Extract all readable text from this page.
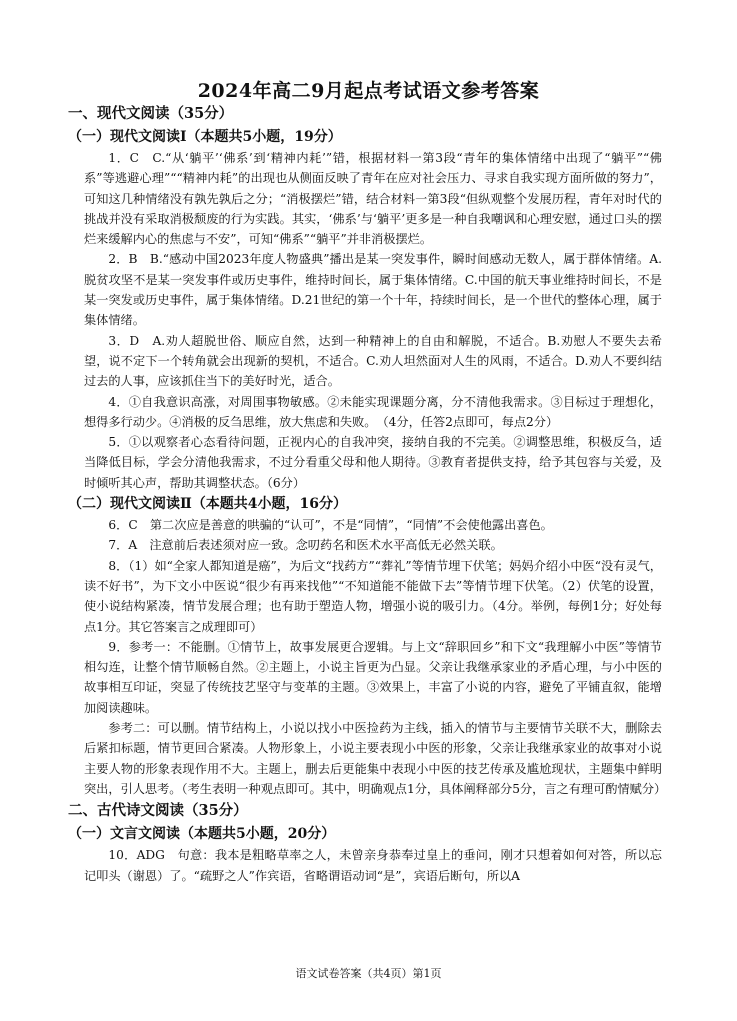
2024年高二9月起点考试语文参考答案
一、现代文阅读（35分）
（一）现代文阅读Ⅰ（本题共5小题，19分）
1．C　C.“从‘躺平’‘佛系’到‘精神内耗’”错，根据材料一第3段“青年的集体情绪中出现了“躺平”“佛系”等逃避心理”““精神内耗”的出现也从侧面反映了青年在应对社会压力、寻求自我实现方面所做的努力”，可知这几种情绪没有孰先孰后之分；“消极摆烂”错，结合材料一第3段“但纵观整个发展历程，青年对时代的挑战并没有采取消极颓废的行为实践。其实，‘佛系’与‘躺平’更多是一种自我嘲讽和心理安慰，通过口头的摆烂来缓解内心的焦虑与不安”，可知“佛系”“躺平”并非消极摆烂。
2．B　B.“感动中国2023年度人物盛典”播出是某一突发事件，瞬时间感动无数人，属于群体情绪。A.脱贫攻坚不是某一突发事件或历史事件，维持时间长，属于集体情绪。C.中国的航天事业维持时间长，不是某一突发或历史事件，属于集体情绪。D.21世纪的第一个十年，持续时间长，是一个世代的整体心理，属于集体情绪。
3．D　A.劝人超脱世俗、顺应自然，达到一种精神上的自由和解脱，不适合。B.劝慰人不要失去希望，说不定下一个转角就会出现新的契机，不适合。C.劝人坦然面对人生的风雨，不适合。D.劝人不要纠结过去的人事，应该抓住当下的美好时光，适合。
4．①自我意识高涨，对周围事物敏感。②未能实现课题分离，分不清他我需求。③目标过于理想化，想得多行动少。④消极的反刍思维，放大焦虑和失败。　（4分，任答2点即可，每点2分）
5．①以观察者心态看待问题，正视内心的自我冲突，接纳自我的不完美。②调整思维，积极反刍，适当降低目标，学会分清他我需求，不过分看重父母和他人期待。③教育者提供支持，给予其包容与关爱，及时倾听其心声，帮助其调整状态。（6分）
（二）现代文阅读Ⅱ（本题共4小题，16分）
6．C　第二次应是善意的哄骗的“认可”，不是“同情”，“同情”不会使他露出喜色。
7．A　注意前后表述须对应一致。念叨药名和医术水平高低无必然关联。
8．（1）如“全家人都知道是癌”，为后文“找药方”“葬礼”等情节埋下伏笔；妈妈介绍小中医“没有灵气，读不好书”，为下文小中医说“很少有再来找他”“不知道能不能做下去”等情节埋下伏笔。（2）伏笔的设置，使小说结构紧凑，情节发展合理；也有助于塑造人物，增强小说的吸引力。（4分。举例，每例1分；好处每点1分。其它答案言之成理即可）
9．参考一：不能删。①情节上，故事发展更合逻辑。与上文“辞职回乡”和下文“我理解小中医”等情节相勾连，让整个情节顺畅自然。②主题上，小说主旨更为凸显。父亲让我继承家业的矛盾心理，与小中医的故事相互印证，突显了传统技艺坚守与变革的主题。③效果上，丰富了小说的内容，避免了平铺直叙，能增加阅读趣味。
参考二：可以删。情节结构上，小说以找小中医捡药为主线，插入的情节与主要情节关联不大，删除去后紧扣标题，情节更回合紧凑。人物形象上，小说主要表现小中医的形象，父亲让我继承家业的故事对小说主要人物的形象表现作用不大。主题上，删去后更能集中表现小中医的技艺传承及尴尬现状，主题集中鲜明突出，引人思考。（考生表明一种观点即可。其中，明确观点1分，具体阐释部分5分，言之有理可酌情赋分）
二、古代诗文阅读（35分）
（一）文言文阅读（本题共5小题，20分）
10．ADG　句意：我本是粗略草率之人，未曾亲身恭奉过皇上的垂问，刚才只想着如何对答，所以忘记叩头（谢恩）了。“疏野之人”作宾语，省略谓语动词“是”，宾语后断句，所以A
语文试卷答案（共4页）第1页
